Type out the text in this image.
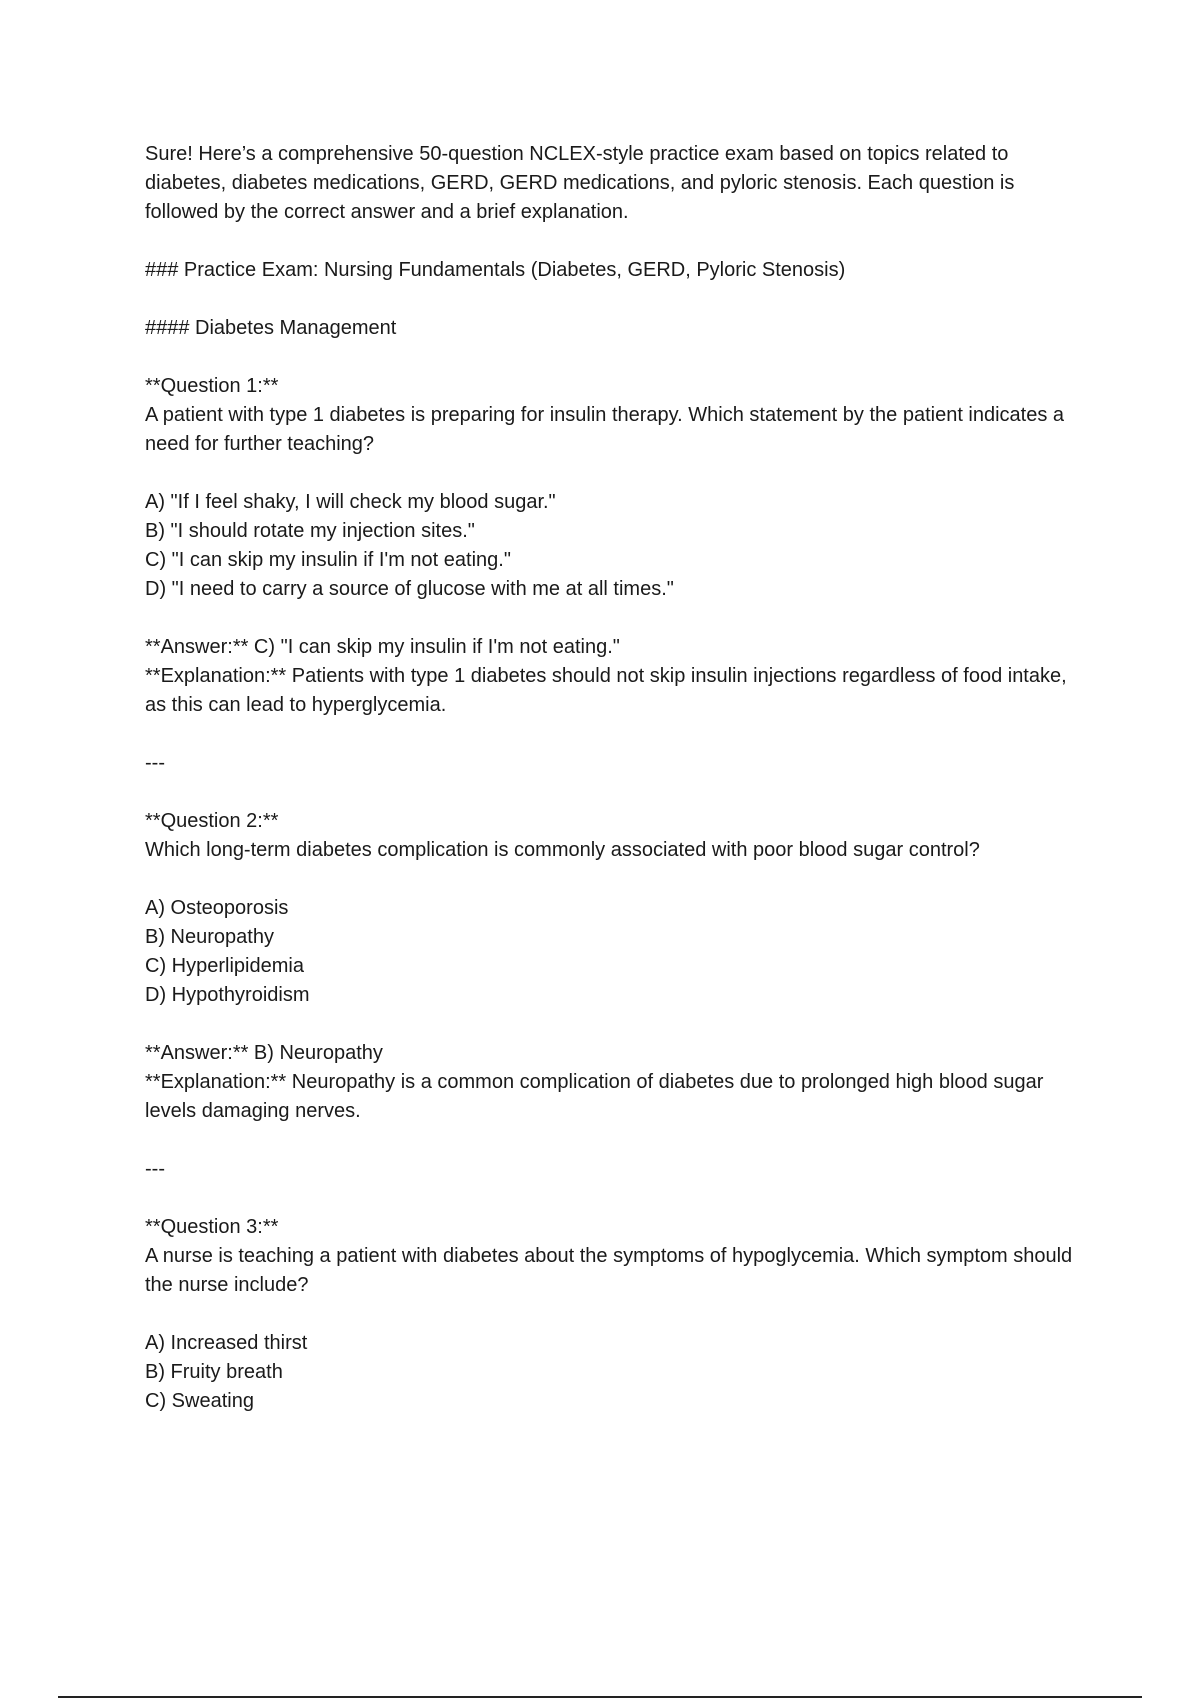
Sure! Here’s a comprehensive 50-question NCLEX-style practice exam based on topics related to diabetes, diabetes medications, GERD, GERD medications, and pyloric stenosis. Each question is followed by the correct answer and a brief explanation.

### Practice Exam: Nursing Fundamentals (Diabetes, GERD, Pyloric Stenosis)

#### Diabetes Management

**Question 1:**
A patient with type 1 diabetes is preparing for insulin therapy. Which statement by the patient indicates a need for further teaching?
A) "If I feel shaky, I will check my blood sugar."
B) "I should rotate my injection sites."
C) "I can skip my insulin if I'm not eating."
D) "I need to carry a source of glucose with me at all times."
**Answer:** C) "I can skip my insulin if I'm not eating."
**Explanation:** Patients with type 1 diabetes should not skip insulin injections regardless of food intake, as this can lead to hyperglycemia.

---

**Question 2:**
Which long-term diabetes complication is commonly associated with poor blood sugar control?
A) Osteoporosis
B) Neuropathy
C) Hyperlipidemia
D) Hypothyroidism
**Answer:** B) Neuropathy
**Explanation:** Neuropathy is a common complication of diabetes due to prolonged high blood sugar levels damaging nerves.

---

**Question 3:**
A nurse is teaching a patient with diabetes about the symptoms of hypoglycemia. Which symptom should the nurse include?
A) Increased thirst
B) Fruity breath
C) Sweating
